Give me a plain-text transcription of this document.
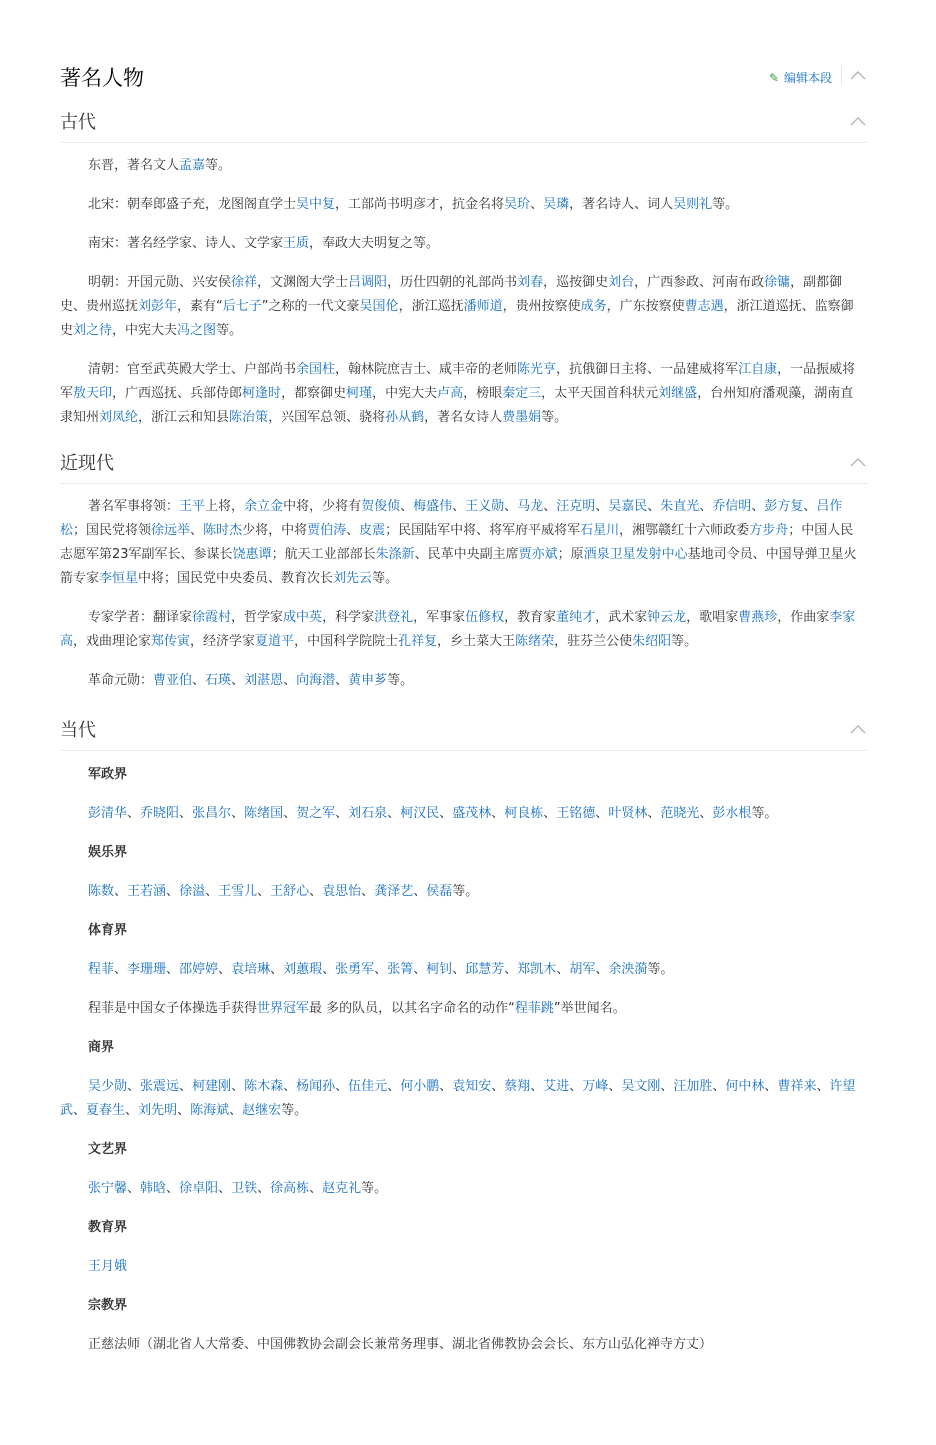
著名人物	✎ 编辑本段
古代

东晋，著名文人孟嘉等。

北宋：朝奉郎盛子充，龙图阁直学士吴中复，工部尚书明彦才，抗金名将吴玠、吴璘，著名诗人、词人吴则礼等。

南宋：著名经学家、诗人、文学家王质，奉政大夫明复之等。

明朝：开国元勋、兴安侯徐祥，文渊阁大学士吕调阳，历仕四朝的礼部尚书刘春，巡按御史刘台，广西参政、河南布政徐镛，副都御史、贵州巡抚刘彭年，素有“后七子”之称的一代文豪吴国伦，浙江巡抚潘师道，贵州按察使成务，广东按察使曹志遇，浙江道巡抚、监察御史刘之待，中宪大夫冯之图等。

清朝：官至武英殿大学士、户部尚书余国柱，翰林院庶吉士、咸丰帝的老师陈光亨，抗俄御日主将、一品建威将军江自康，一品振威将军敖天印，广西巡抚、兵部侍郎柯逢时，都察御史柯瑾，中宪大夫卢高，榜眼秦定三，太平天国首科状元刘继盛，台州知府潘观藻，湖南直隶知州刘凤纶，浙江云和知县陈治策，兴国军总领、骁将孙从鹤，著名女诗人费墨娟等。

近现代

著名军事将领：王平上将，余立金中将，少将有贺俊侦、梅盛伟、王义勋、马龙、汪克明、吴嘉民、朱直光、乔信明、彭方复、吕作松；国民党将领徐远举、陈时杰少将，中将贾伯涛、皮震；民国陆军中将、将军府平威将军石星川，湘鄂赣红十六师政委方步舟；中国人民志愿军第23军副军长、参谋长饶惠谭；航天工业部部长朱涤新、民革中央副主席贾亦斌；原酒泉卫星发射中心基地司令员、中国导弹卫星火箭专家李恒星中将；国民党中央委员、教育次长刘先云等。

专家学者：翻译家徐霞村，哲学家成中英，科学家洪登礼，军事家伍修权，教育家董纯才，武术家钟云龙，歌唱家曹燕珍，作曲家李家高，戏曲理论家郑传寅，经济学家夏道平，中国科学院院士孔祥复，乡土菜大王陈绪荣，驻芬兰公使朱绍阳等。

革命元勋：曹亚伯、石瑛、刘湛恩、向海潜、黄申芗等。

当代
军政界

彭清华、乔晓阳、张昌尔、陈绪国、贺之军、刘石泉、柯汉民、盛茂林、柯良栋、王铭德、叶贤林、范晓光、彭水根等。

娱乐界

陈数、王若涵、徐溢、王雪儿、王舒心、袁思怡、龚泽艺、侯磊等。

体育界

程菲、李珊珊、邵婷婷、袁培琳、刘蕙瑕、张勇军、张箐、柯钊、邱慧芳、郑凯木、胡军、余泱漪等。

程菲是中国女子体操选手获得世界冠军最 多的队员，以其名字命名的动作“程菲跳”举世闻名。

商界

吴少勋、张震远、柯建刚、陈木森、杨闻孙、伍佳元、何小鹏、袁知安、蔡翔、艾进、万峰、吴文刚、汪加胜、何中林、曹祥来、许望武、夏春生、刘先明、陈海斌、赵继宏等。

文艺界

张宁馨、韩晗、徐卓阳、卫铁、徐高栋、赵克礼等。

教育界

王月娥

宗教界

正慈法师（湖北省人大常委、中国佛教协会副会长兼常务理事、湖北省佛教协会会长、东方山弘化禅寺方丈）
